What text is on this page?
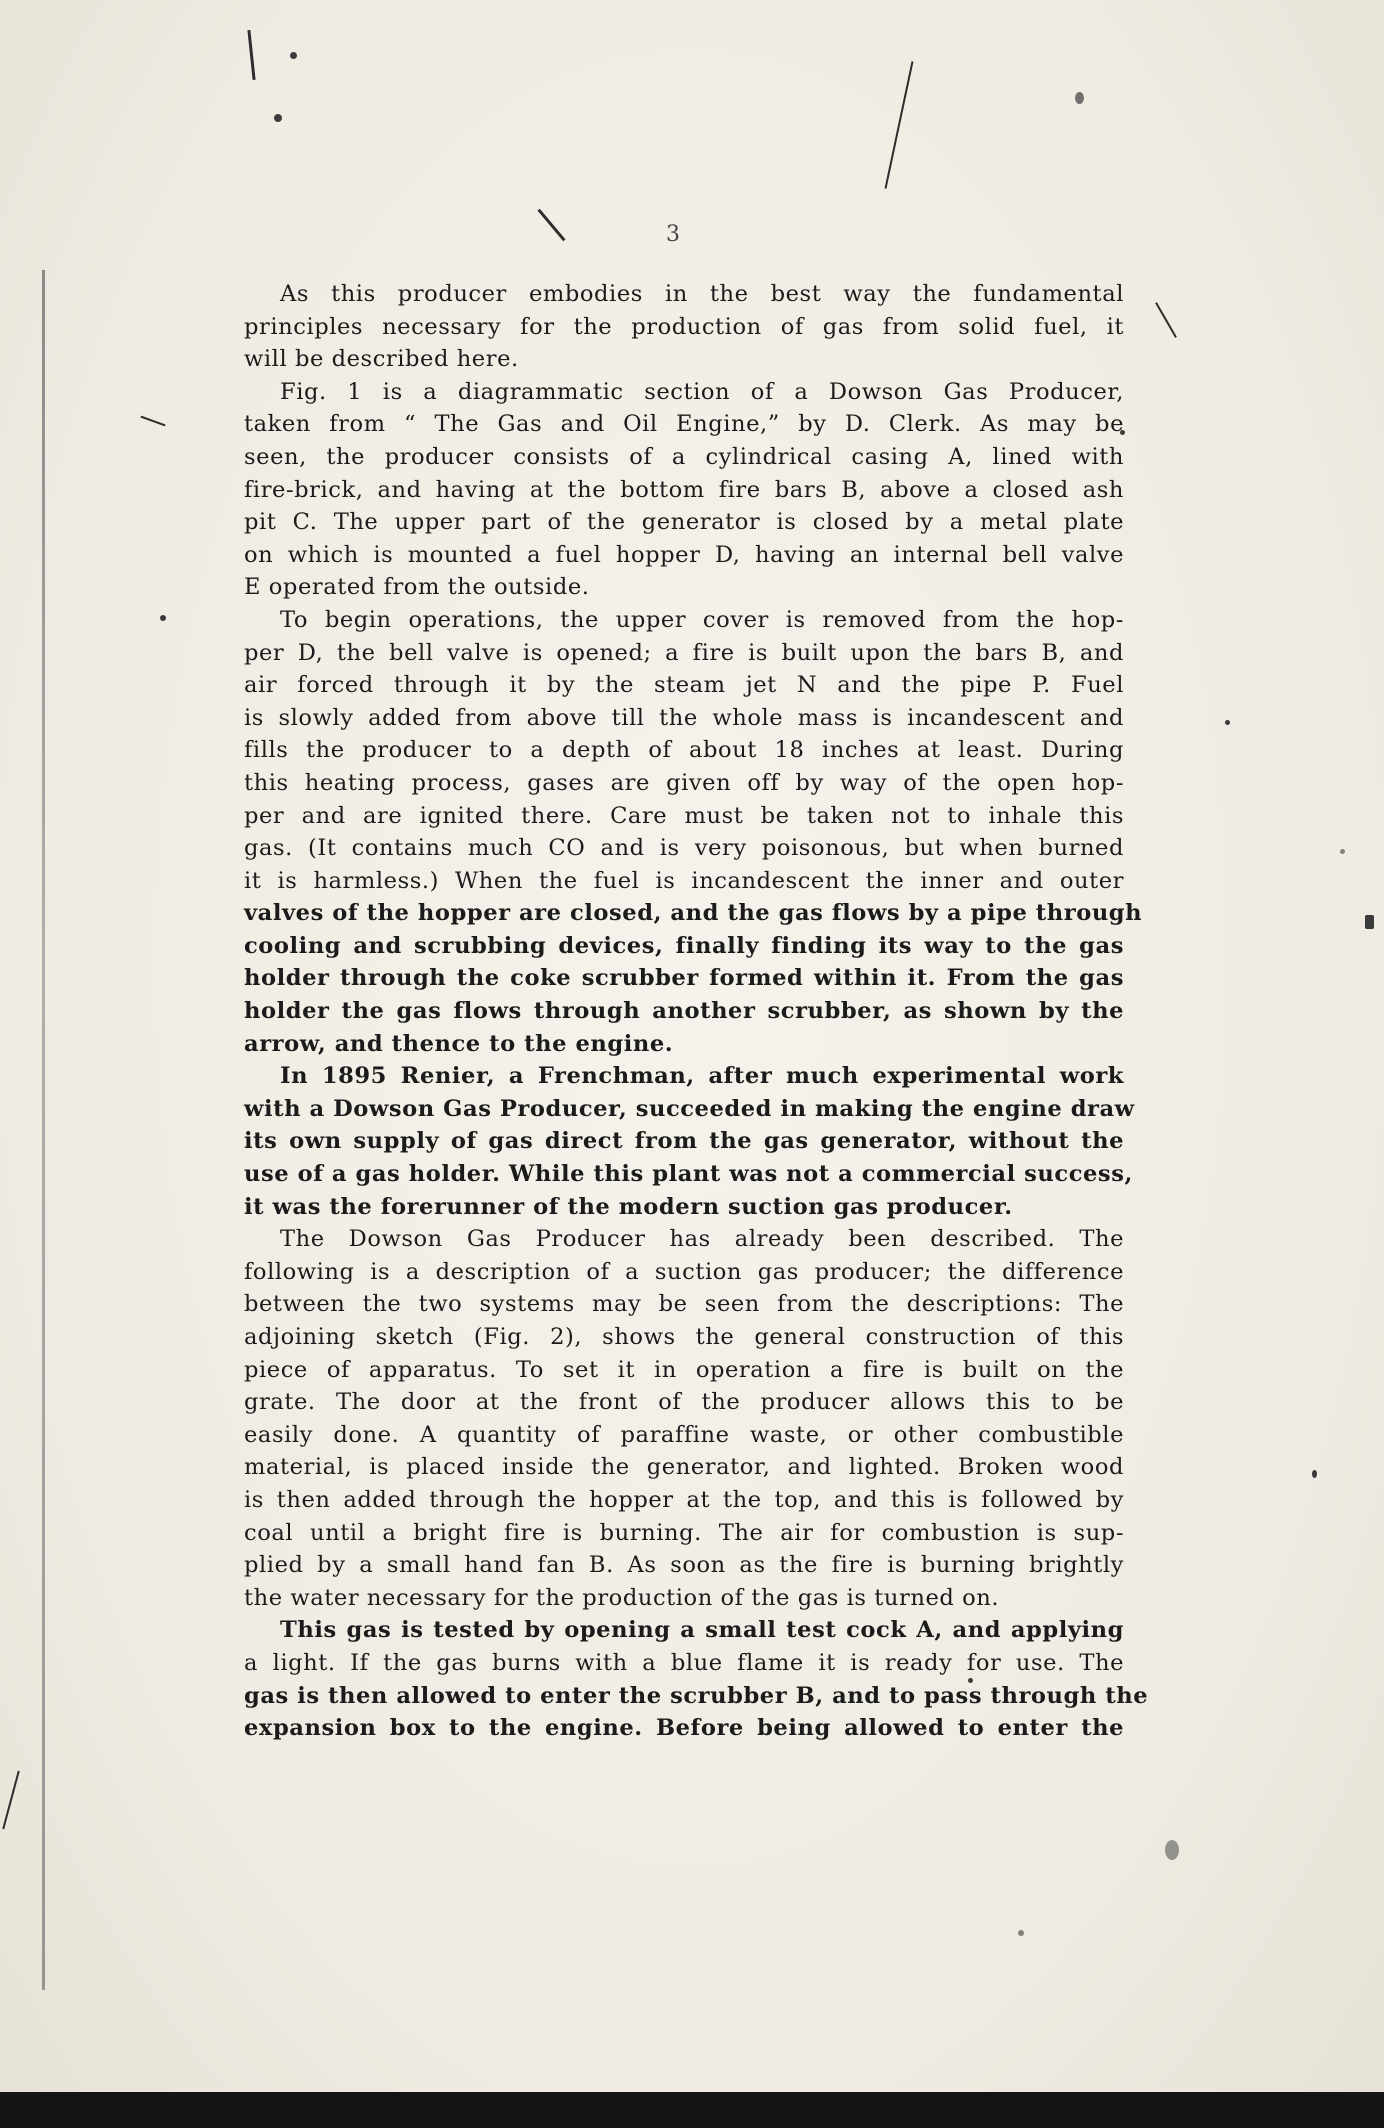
3

As this producer embodies in the best way the fundamental
principles necessary for the production of gas from solid fuel, it
will be described here.

Fig. 1 is a diagrammatic section of a Dowson Gas Producer,
taken from “ The Gas and Oil Engine,” by D. Clerk. As may be
seen, the producer consists of a cylindrical casing A, lined with
fire-brick, and having at the bottom fire bars B, above a closed ash
pit C. The upper part of the generator is closed by a metal plate
on which is mounted a fuel hopper D, having an internal bell valve
E operated from the outside.

To begin operations, the upper cover is removed from the hop-
per D, the bell valve is opened; a fire is built upon the bars B, and
air forced through it by the steam jet N and the pipe P. Fuel
is slowly added from above till the whole mass is incandescent and
fills the producer to a depth of about 18 inches at least. During
this heating process, gases are given off by way of the open hop-
per and are ignited there. Care must be taken not to inhale this
gas. (It contains much CO and is very poisonous, but when burned
it is harmless.) When the fuel is incandescent the inner and outer
valves of the hopper are closed, and the gas flows by a pipe through
cooling and scrubbing devices, finally finding its way to the gas
holder through the coke scrubber formed within it. From the gas
holder the gas flows through another scrubber, as shown by the
arrow, and thence to the engine.

In 1895 Renier, a Frenchman, after much experimental work
with a Dowson Gas Producer, succeeded in making the engine draw
its own supply of gas direct from the gas generator, without the
use of a gas holder. While this plant was not a commercial success,
it was the forerunner of the modern suction gas producer.

The Dowson Gas Producer has already been described. The
following is a description of a suction gas producer; the difference
between the two systems may be seen from the descriptions: The
adjoining sketch (Fig. 2), shows the general construction of this
piece of apparatus. To set it in operation a fire is built on the
grate. The door at the front of the producer allows this to be
easily done. A quantity of paraffine waste, or other combustible
material, is placed inside the generator, and lighted. Broken wood
is then added through the hopper at the top, and this is followed by
coal until a bright fire is burning. The air for combustion is sup-
plied by a small hand fan B. As soon as the fire is burning brightly
the water necessary for the production of the gas is turned on.

This gas is tested by opening a small test cock A, and applying
a light. If the gas burns with a blue flame it is ready for use. The
gas is then allowed to enter the scrubber B, and to pass through the
expansion box to the engine. Before being allowed to enter the
